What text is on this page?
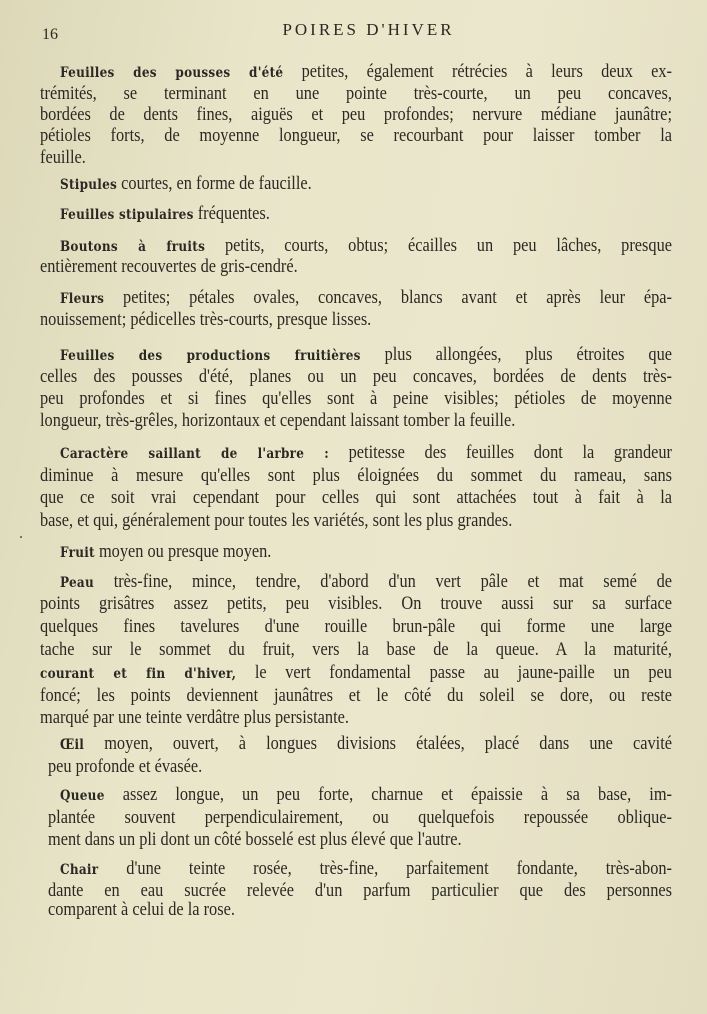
16	POIRES D'HIVER
Feuilles des pousses d'été petites, également rétrécies à leurs deux ex-
trémités, se terminant en une pointe très-courte, un peu concaves,
bordées de dents fines, aiguës et peu profondes; nervure médiane jaunâtre;
pétioles forts, de moyenne longueur, se recourbant pour laisser tomber la
feuille.
Stipules courtes, en forme de faucille.
Feuilles stipulaires fréquentes.
Boutons à fruits petits, courts, obtus; écailles un peu lâches, presque
entièrement recouvertes de gris-cendré.
Fleurs petites; pétales ovales, concaves, blancs avant et après leur épa-
nouissement; pédicelles très-courts, presque lisses.
Feuilles des productions fruitières plus allongées, plus étroites que
celles des pousses d'été, planes ou un peu concaves, bordées de dents très-
peu profondes et si fines qu'elles sont à peine visibles; pétioles de moyenne
longueur, très-grêles, horizontaux et cependant laissant tomber la feuille.
Caractère saillant de l'arbre : petitesse des feuilles dont la grandeur
diminue à mesure qu'elles sont plus éloignées du sommet du rameau, sans
que ce soit vrai cependant pour celles qui sont attachées tout à fait à la
base, et qui, généralement pour toutes les variétés, sont les plus grandes.
Fruit moyen ou presque moyen.
Peau très-fine, mince, tendre, d'abord d'un vert pâle et mat semé de
points grisâtres assez petits, peu visibles. On trouve aussi sur sa surface
quelques fines tavelures d'une rouille brun-pâle qui forme une large
tache sur le sommet du fruit, vers la base de la queue. A la maturité,
courant et fin d'hiver, le vert fondamental passe au jaune-paille un peu
foncé; les points deviennent jaunâtres et le côté du soleil se dore, ou reste
marqué par une teinte verdâtre plus persistante.
Œil moyen, ouvert, à longues divisions étalées, placé dans une cavité
peu profonde et évasée.
Queue assez longue, un peu forte, charnue et épaissie à sa base, im-
plantée souvent perpendiculairement, ou quelquefois repoussée oblique-
ment dans un pli dont un côté bosselé est plus élevé que l'autre.
Chair d'une teinte rosée, très-fine, parfaitement fondante, très-abon-
dante en eau sucrée relevée d'un parfum particulier que des personnes
comparent à celui de la rose.
